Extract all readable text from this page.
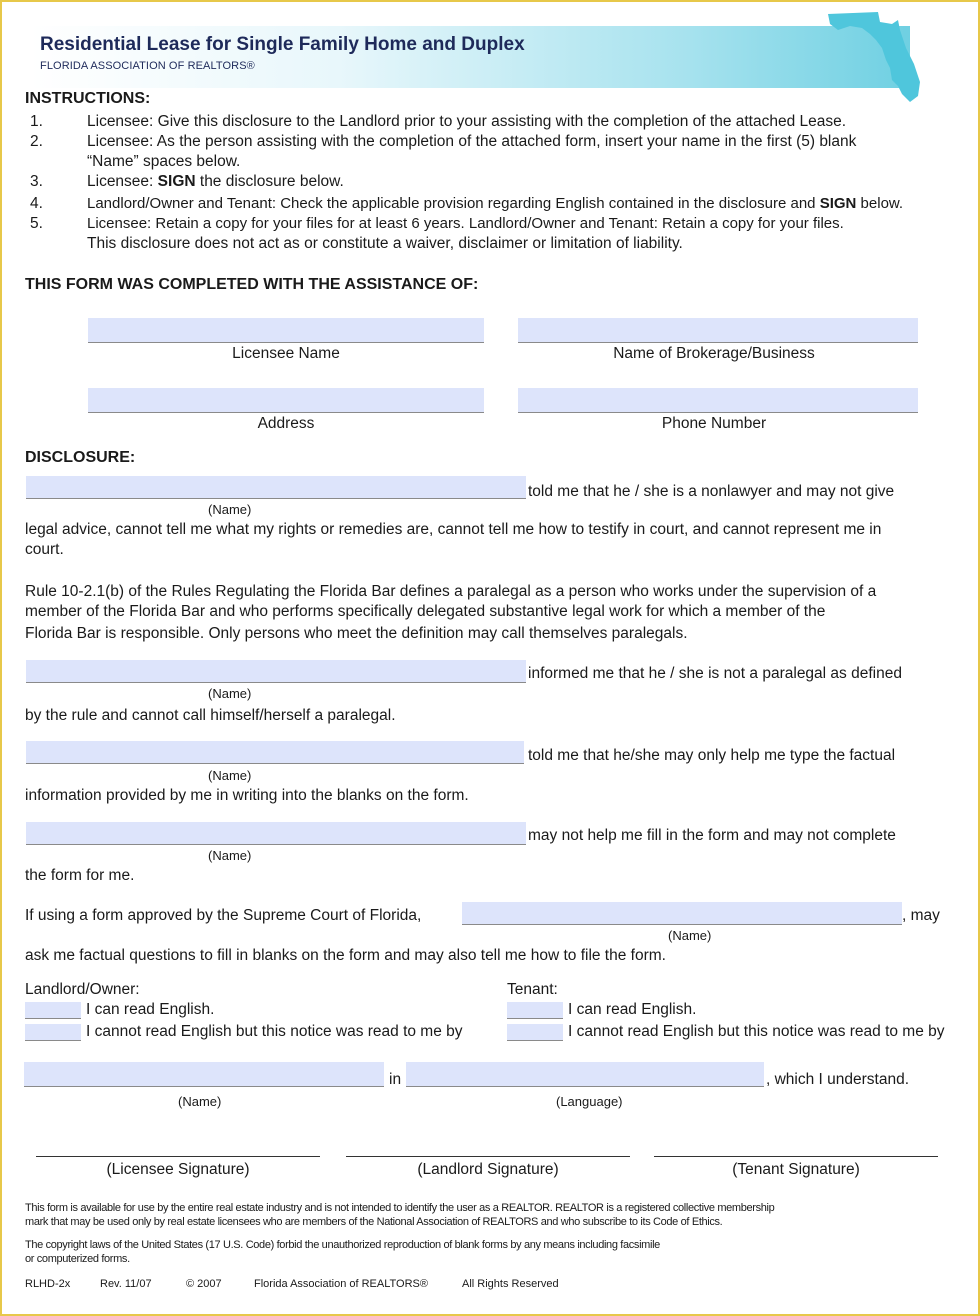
Residential Lease for Single Family Home and Duplex
FLORIDA ASSOCIATION OF REALTORS®
INSTRUCTIONS:
1.	Licensee: Give this disclosure to the Landlord prior to your assisting with the completion of the attached Lease.
2.	Licensee: As the person assisting with the completion of the attached form, insert your name in the first (5) blank
“Name” spaces below.
3.	Licensee: SIGN the disclosure below.
4.	Landlord/Owner and Tenant: Check the applicable provision regarding English contained in the disclosure and SIGN below.
5.	Licensee: Retain a copy for your files for at least 6 years. Landlord/Owner and Tenant: Retain a copy for your files.
This disclosure does not act as or constitute a waiver, disclaimer or limitation of liability.
THIS FORM WAS COMPLETED WITH THE ASSISTANCE OF:
Licensee Name	Name of Brokerage/Business
Address	Phone Number
DISCLOSURE:
told me that he / she is a nonlawyer and may not give
(Name)
legal advice, cannot tell me what my rights or remedies are, cannot tell me how to testify in court, and cannot represent me in
court.
Rule 10-2.1(b) of the Rules Regulating the Florida Bar defines a paralegal as a person who works under the supervision of a
member of the Florida Bar and who performs specifically delegated substantive legal work for which a member of the
Florida Bar is responsible. Only persons who meet the definition may call themselves paralegals.
informed me that he / she is not a paralegal as defined
(Name)
by the rule and cannot call himself/herself a paralegal.
told me that he/she may only help me type the factual
(Name)
information provided by me in writing into the blanks on the form.
may not help me fill in the form and may not complete
(Name)
the form for me.
If using a form approved by the Supreme Court of Florida,	, may
(Name)
ask me factual questions to fill in blanks on the form and may also tell me how to file the form.
Landlord/Owner:
I can read English.
I cannot read English but this notice was read to me by
Tenant:
I can read English.
I cannot read English but this notice was read to me by
in	, which I understand.
(Name)	(Language)
(Licensee Signature)	(Landlord Signature)	(Tenant Signature)
This form is available for use by the entire real estate industry and is not intended to identify the user as a REALTOR. REALTOR is a registered collective membership
mark that may be used only by real estate licensees who are members of the National Association of REALTORS and who subscribe to its Code of Ethics.
The copyright laws of the United States (17 U.S. Code) forbid the unauthorized reproduction of blank forms by any means including facsimile
or computerized forms.
RLHD-2x	Rev. 11/07	© 2007	Florida Association of REALTORS®	All Rights Reserved
